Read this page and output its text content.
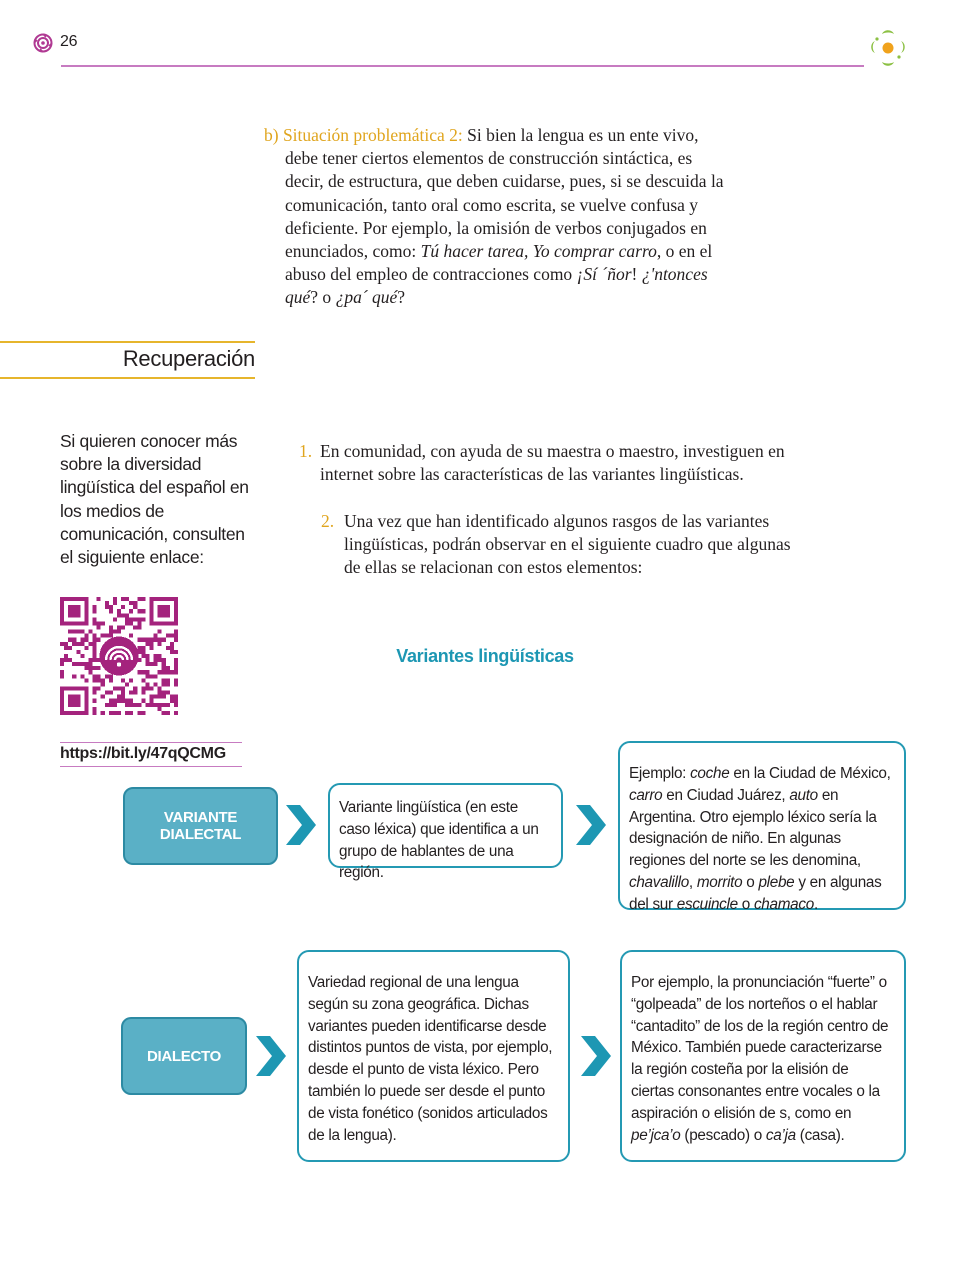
26
b) Situación problemática 2: Si bien la lengua es un ente vivo, debe tener ciertos elementos de construcción sintáctica, es decir, de estructura, que deben cuidarse, pues, si se descuida la comunicación, tanto oral como escrita, se vuelve confusa y deficiente. Por ejemplo, la omisión de verbos conjugados en enunciados, como: Tú hacer tarea, Yo comprar carro, o en el abuso del empleo de contracciones como ¡Sí ´ñor! ¿'ntonces qué? o ¿pa´ qué?
Recuperación
Si quieren conocer más sobre la diversidad lingüística del español en los medios de comunicación, consulten el siguiente enlace:
https://bit.ly/47qQCMG
1. En comunidad, con ayuda de su maestra o maestro, investiguen en internet sobre las características de las variantes lingüísticas.
2. Una vez que han identificado algunos rasgos de las variantes lingüísticas, podrán observar en el siguiente cuadro que algunas de ellas se relacionan con estos elementos:
Variantes lingüísticas
VARIANTE DIALECTAL
Variante lingüística (en este caso léxica) que identifica a un grupo de hablantes de una región.
Ejemplo: coche en la Ciudad de México, carro en Ciudad Juárez, auto en Argentina. Otro ejemplo léxico sería la designación de niño. En algunas regiones del norte se les denomina, chavalillo, morrito o plebe y en algunas del sur escuincle o chamaco.
DIALECTO
Variedad regional de una lengua según su zona geográfica. Dichas variantes pueden identificarse desde distintos puntos de vista, por ejemplo, desde el punto de vista léxico. Pero también lo puede ser desde el punto de vista fonético (sonidos articulados de la lengua).
Por ejemplo, la pronunciación “fuerte” o “golpeada” de los norteños o el hablar “cantadito” de los de la región centro de México. También puede caracterizarse la región costeña por la elisión de ciertas consonantes entre vocales o la aspiración o elisión de s, como en pe’jca’o (pescado) o ca’ja (casa).
